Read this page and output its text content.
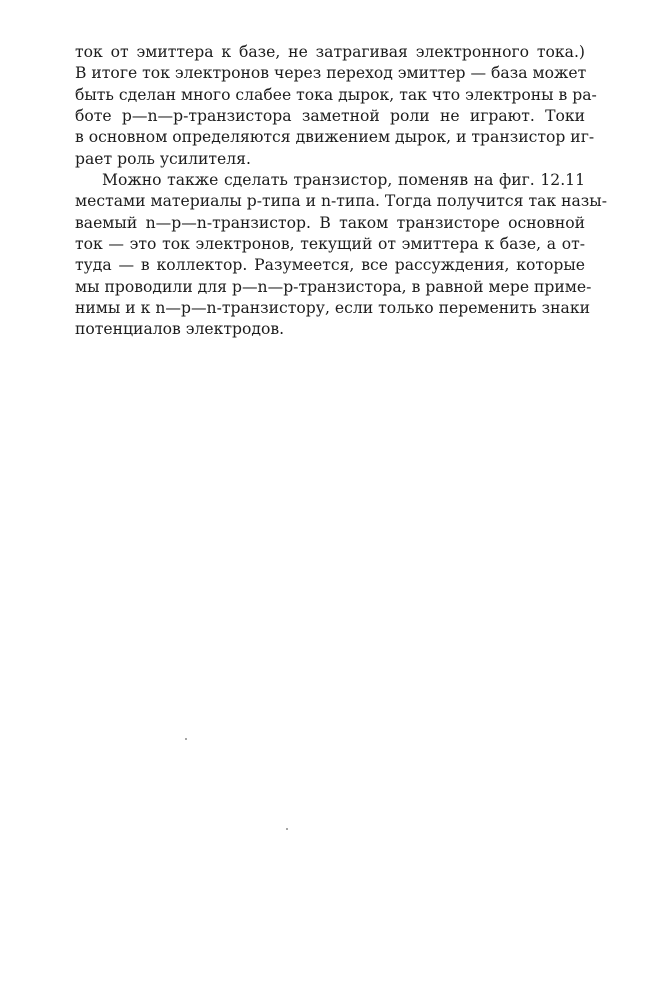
ток от эмиттера к базе, не затрагивая электронного тока.)
В итоге ток электронов через переход эмиттер — база может
быть сделан много слабее тока дырок, так что электроны в ра-
боте p—n—p-транзистора заметной роли не играют. Токи
в основном определяются движением дырок, и транзистор иг-
рает роль усилителя.
Можно также сделать транзистор, поменяв на фиг. 12.11
местами материалы p-типа и n-типа. Тогда получится так назы-
ваемый n—p—n-транзистор. В таком транзисторе основной
ток — это ток электронов, текущий от эмиттера к базе, а от-
туда — в коллектор. Разумеется, все рассуждения, которые
мы проводили для p—n—p-транзистора, в равной мере приме-
нимы и к n—p—n-транзистору, если только переменить знаки
потенциалов электродов.
